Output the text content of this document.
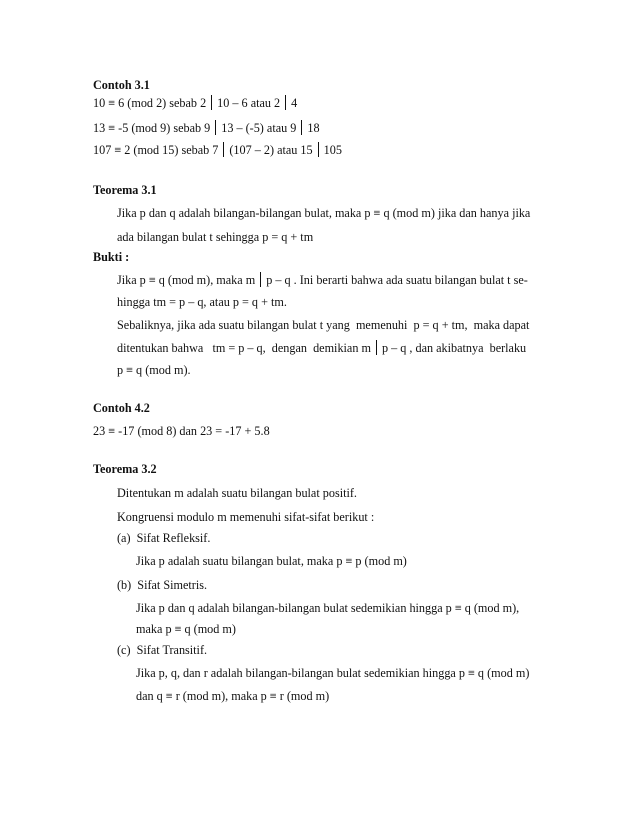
Contoh 3.1
10 ≡ 6 (mod 2) sebab 2 10 – 6 atau 2 4
13 ≡ -5 (mod 9) sebab 9 13 – (-5) atau 9 18
107 ≡ 2 (mod 15) sebab 7 (107 – 2) atau 15 105
Teorema 3.1
Jika p dan q adalah bilangan-bilangan bulat, maka p ≡ q (mod m) jika dan hanya jika
ada bilangan bulat t sehingga p = q + tm
Bukti :
Jika p ≡ q (mod m), maka m p – q . Ini berarti bahwa ada suatu bilangan bulat t se-
hingga tm = p – q, atau p = q + tm.
Sebaliknya, jika ada suatu bilangan bulat t yang  memenuhi  p = q + tm,  maka dapat
ditentukan bahwa   tm = p – q,  dengan  demikian m p – q , dan akibatnya  berlaku
p ≡ q (mod m).
Contoh 4.2
23 ≡ -17 (mod 8) dan 23 = -17 + 5.8
Teorema 3.2
Ditentukan m adalah suatu bilangan bulat positif.
Kongruensi modulo m memenuhi sifat-sifat berikut :
(a)  Sifat Refleksif.
Jika p adalah suatu bilangan bulat, maka p ≡ p (mod m)
(b)  Sifat Simetris.
Jika p dan q adalah bilangan-bilangan bulat sedemikian hingga p ≡ q (mod m),
maka p ≡ q (mod m)
(c)  Sifat Transitif.
Jika p, q, dan r adalah bilangan-bilangan bulat sedemikian hingga p ≡ q (mod m)
dan q ≡ r (mod m), maka p ≡ r (mod m)
